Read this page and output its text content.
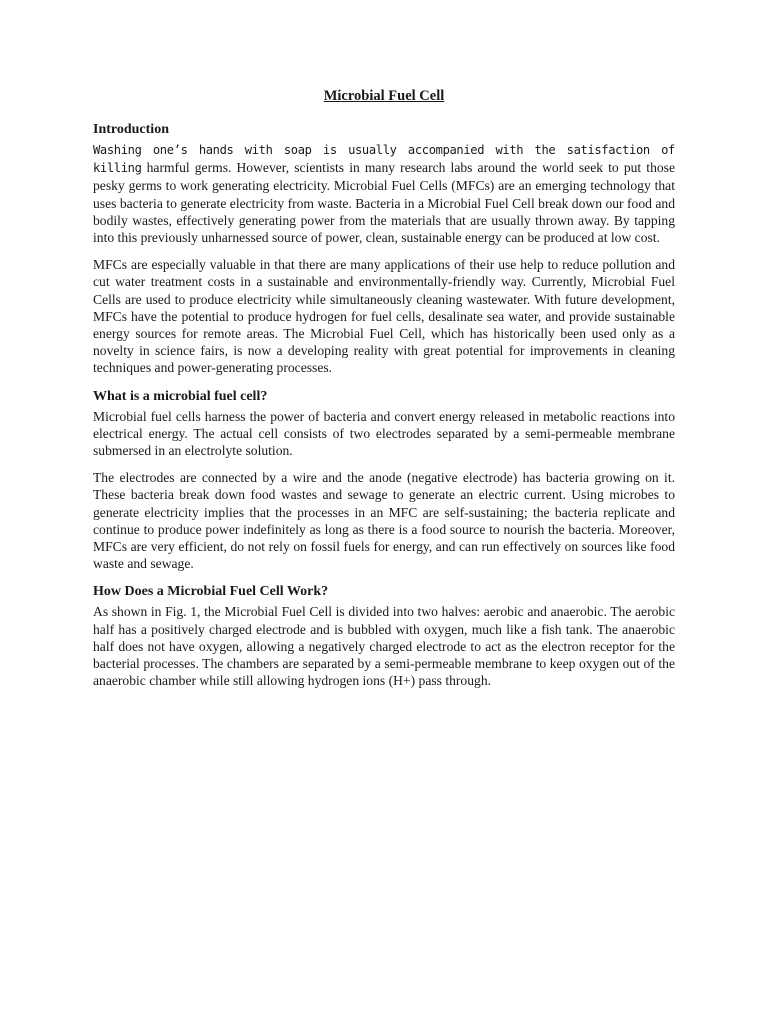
Microbial Fuel Cell
Introduction

Washing one’s hands with soap is usually accompanied with the satisfaction of killing harmful germs. However, scientists in many research labs around the world seek to put those pesky germs to work generating electricity. Microbial Fuel Cells (MFCs) are an emerging technology that uses bacteria to generate electricity from waste. Bacteria in a Microbial Fuel Cell break down our food and bodily wastes, effectively generating power from the materials that are usually thrown away. By tapping into this previously unharnessed source of power, clean, sustainable energy can be produced at low cost.

MFCs are especially valuable in that there are many applications of their use help to reduce pollution and cut water treatment costs in a sustainable and environmentally-friendly way. Currently, Microbial Fuel Cells are used to produce electricity while simultaneously cleaning wastewater. With future development, MFCs have the potential to produce hydrogen for fuel cells, desalinate sea water, and provide sustainable energy sources for remote areas. The Microbial Fuel Cell, which has historically been used only as a novelty in science fairs, is now a developing reality with great potential for improvements in cleaning techniques and power-generating processes.

What is a microbial fuel cell?

Microbial fuel cells harness the power of bacteria and convert energy released in metabolic reactions into electrical energy. The actual cell consists of two electrodes separated by a semi-permeable membrane submersed in an electrolyte solution.

The electrodes are connected by a wire and the anode (negative electrode) has bacteria growing on it. These bacteria break down food wastes and sewage to generate an electric current. Using microbes to generate electricity implies that the processes in an MFC are self-sustaining; the bacteria replicate and continue to produce power indefinitely as long as there is a food source to nourish the bacteria. Moreover, MFCs are very efficient, do not rely on fossil fuels for energy, and can run effectively on sources like food waste and sewage.

How Does a Microbial Fuel Cell Work?

As shown in Fig. 1, the Microbial Fuel Cell is divided into two halves: aerobic and anaerobic. The aerobic half has a positively charged electrode and is bubbled with oxygen, much like a fish tank. The anaerobic half does not have oxygen, allowing a negatively charged electrode to act as the electron receptor for the bacterial processes. The chambers are separated by a semi-permeable membrane to keep oxygen out of the anaerobic chamber while still allowing hydrogen ions (H+) pass through.
